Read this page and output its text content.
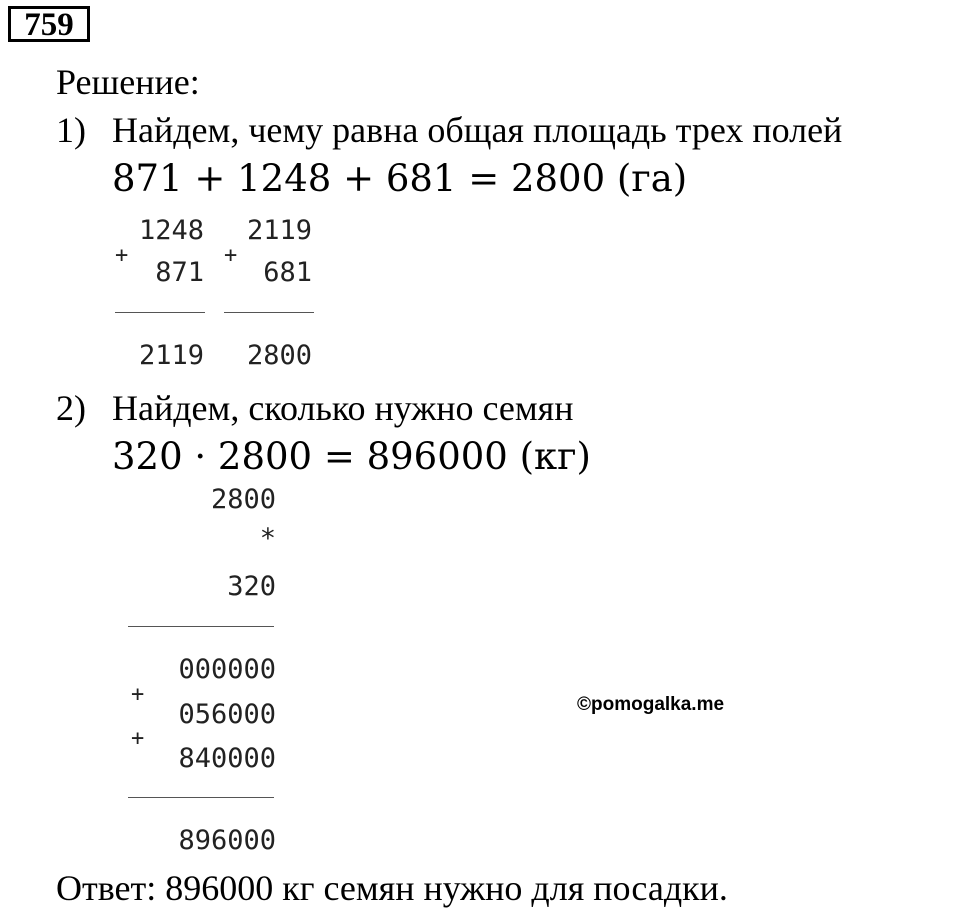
759
Решение:
1) Найдем, чему равна общая площадь трех полей
871 + 1248 + 681 = 2800 (га)
1248
+
871
2119
2119
+
681
2800
2) Найдем, сколько нужно семян
320 · 2800 = 896000 (кг)
2800
*
320
000000
+
056000
+
840000
896000
©pomogalka.me
Ответ: 896000 кг семян нужно для посадки.
